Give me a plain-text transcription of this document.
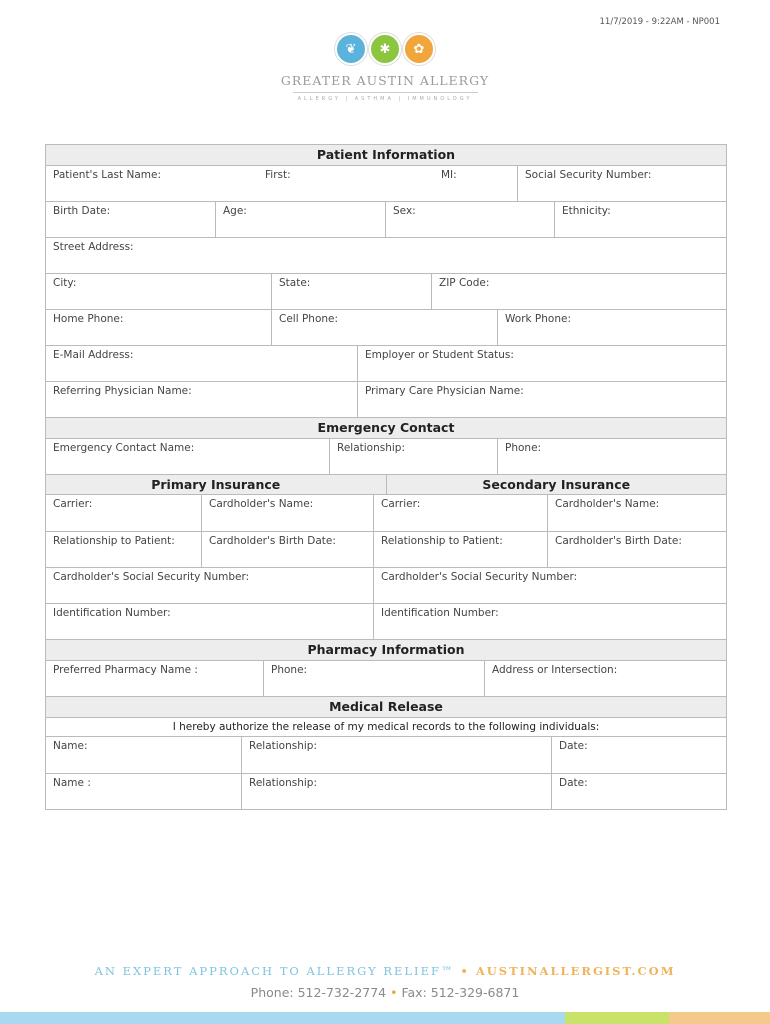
11/7/2019 - 9:22AM - NP001
❦	✱	✿
GREATER AUSTIN ALLERGY
ALLERGY | ASTHMA | IMMUNOLOGY
Patient Information
Patient's Last Name:	First:	MI:	Social Security Number:
Birth Date:	Age:	Sex:	Ethnicity:
Street Address:
City:	State:	ZIP Code:
Home Phone:	Cell Phone:	Work Phone:
E-Mail Address:	Employer or Student Status:
Referring Physician Name:	Primary Care Physician Name:
Emergency Contact
Emergency Contact Name:	Relationship:	Phone:
Primary Insurance	Secondary Insurance
Carrier:	Cardholder's Name:	Carrier:	Cardholder's Name:
Relationship to Patient:	Cardholder's Birth Date:	Relationship to Patient:	Cardholder's Birth Date:
Cardholder's Social Security Number:	Cardholder's Social Security Number:
Identification Number:	Identification Number:
Pharmacy Information
Preferred Pharmacy Name :	Phone:	Address or Intersection:
Medical Release
I hereby authorize the release of my medical records to the following individuals:
Name:	Relationship:	Date:
Name :	Relationship:	Date:
AN EXPERT APPROACH TO ALLERGY RELIEF™ • AUSTINALLERGIST.COM
Phone: 512-732-2774 • Fax: 512-329-6871
